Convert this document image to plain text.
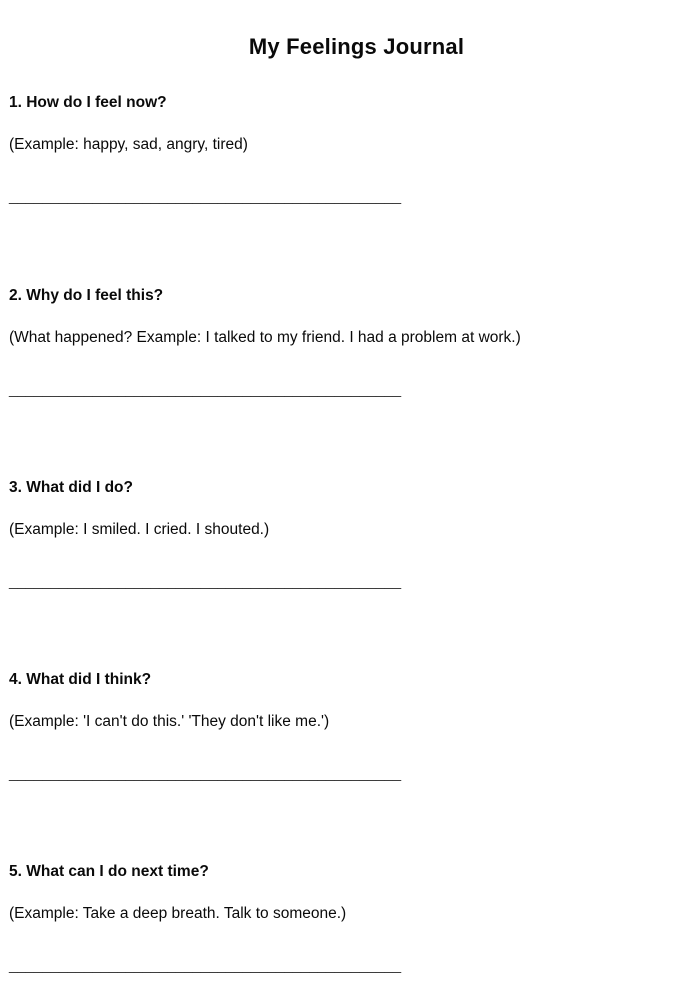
My Feelings Journal

1. How do I feel now?

(Example: happy, sad, angry, tired)

_______________________________________________

2. Why do I feel this?

(What happened? Example: I talked to my friend. I had a problem at work.)

_______________________________________________

3. What did I do?

(Example: I smiled. I cried. I shouted.)

_______________________________________________

4. What did I think?

(Example: 'I can't do this.' 'They don't like me.')

_______________________________________________

5. What can I do next time?

(Example: Take a deep breath. Talk to someone.)

_______________________________________________
